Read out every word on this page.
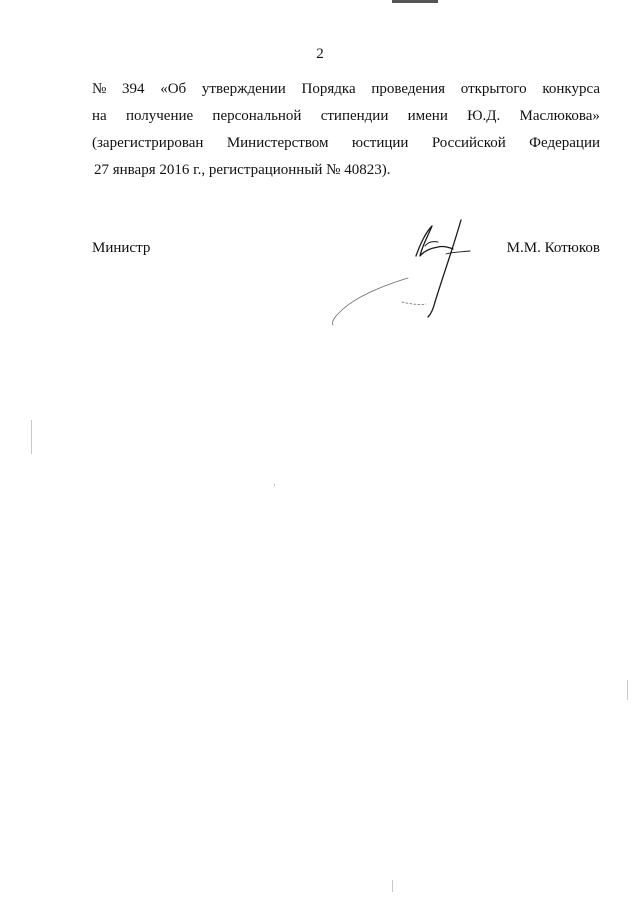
2
№ 394 «Об утверждении Порядка проведения открытого конкурса
на получение персональной стипендии имени Ю.Д. Маслюкова»
(зарегистрирован Министерством юстиции Российской Федерации
27 января 2016 г., регистрационный № 40823).
Министр	М.М. Котюков
